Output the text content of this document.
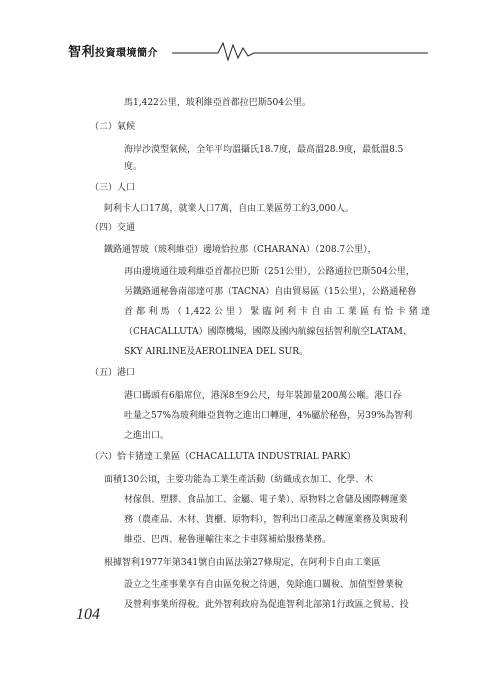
智利投資環境簡介
馬1,422公里，玻利維亞首都拉巴斯504公里。
（二）氣候
海岸沙漠型氣候，全年平均溫攝氏18.7度，最高溫28.9度，最低溫8.5
度。
（三）人口
阿利卡人口17萬，就業人口7萬，自由工業區勞工約3,000人。
（四）交通
鐵路通智玻（玻利維亞）邊境恰拉那（CHARANA）（208.7公里），
再由邊境通往玻利維亞首都拉巴斯（251公里），公路通拉巴斯504公里，
另鐵路通秘魯南部達可那（TACNA）自由貿易區（15公里），公路通秘魯
首都利馬（1,422公里）緊臨阿利卡自由工業區有恰卡猪達
（CHACALLUTA）國際機場，國際及國內航線包括智利航空LATAM、
SKY AIRLINE及AEROLINEA DEL SUR。
（五）港口
港口碼頭有6船席位，港深8至9公尺，每年裝卸量200萬公噸。港口吞
吐量之57%為玻利維亞貨物之進出口轉運，4%屬於秘魯，另39%為智利
之進出口。
（六）恰卡猪達工業區（CHACALLUTA INDUSTRIAL PARK）
面積130公頃，主要功能為工業生產活動（紡織成衣加工、化學、木
材傢俱、塑膠、食品加工、金屬、電子業）、原物料之倉儲及國際轉運業
務（農產品、木材、貨櫃、原物料），智利出口產品之轉運業務及與玻利
維亞、巴西、秘魯運輸往來之卡車隊補給服務業務。
根據智利1977年第341號自由區法第27條規定，在阿利卡自由工業區
設立之生產事業享有自由區免稅之待遇，免除進口關稅、加值型營業稅
及營利事業所得稅。此外智利政府為促進智利北部第1行政區之貿易、投
104
